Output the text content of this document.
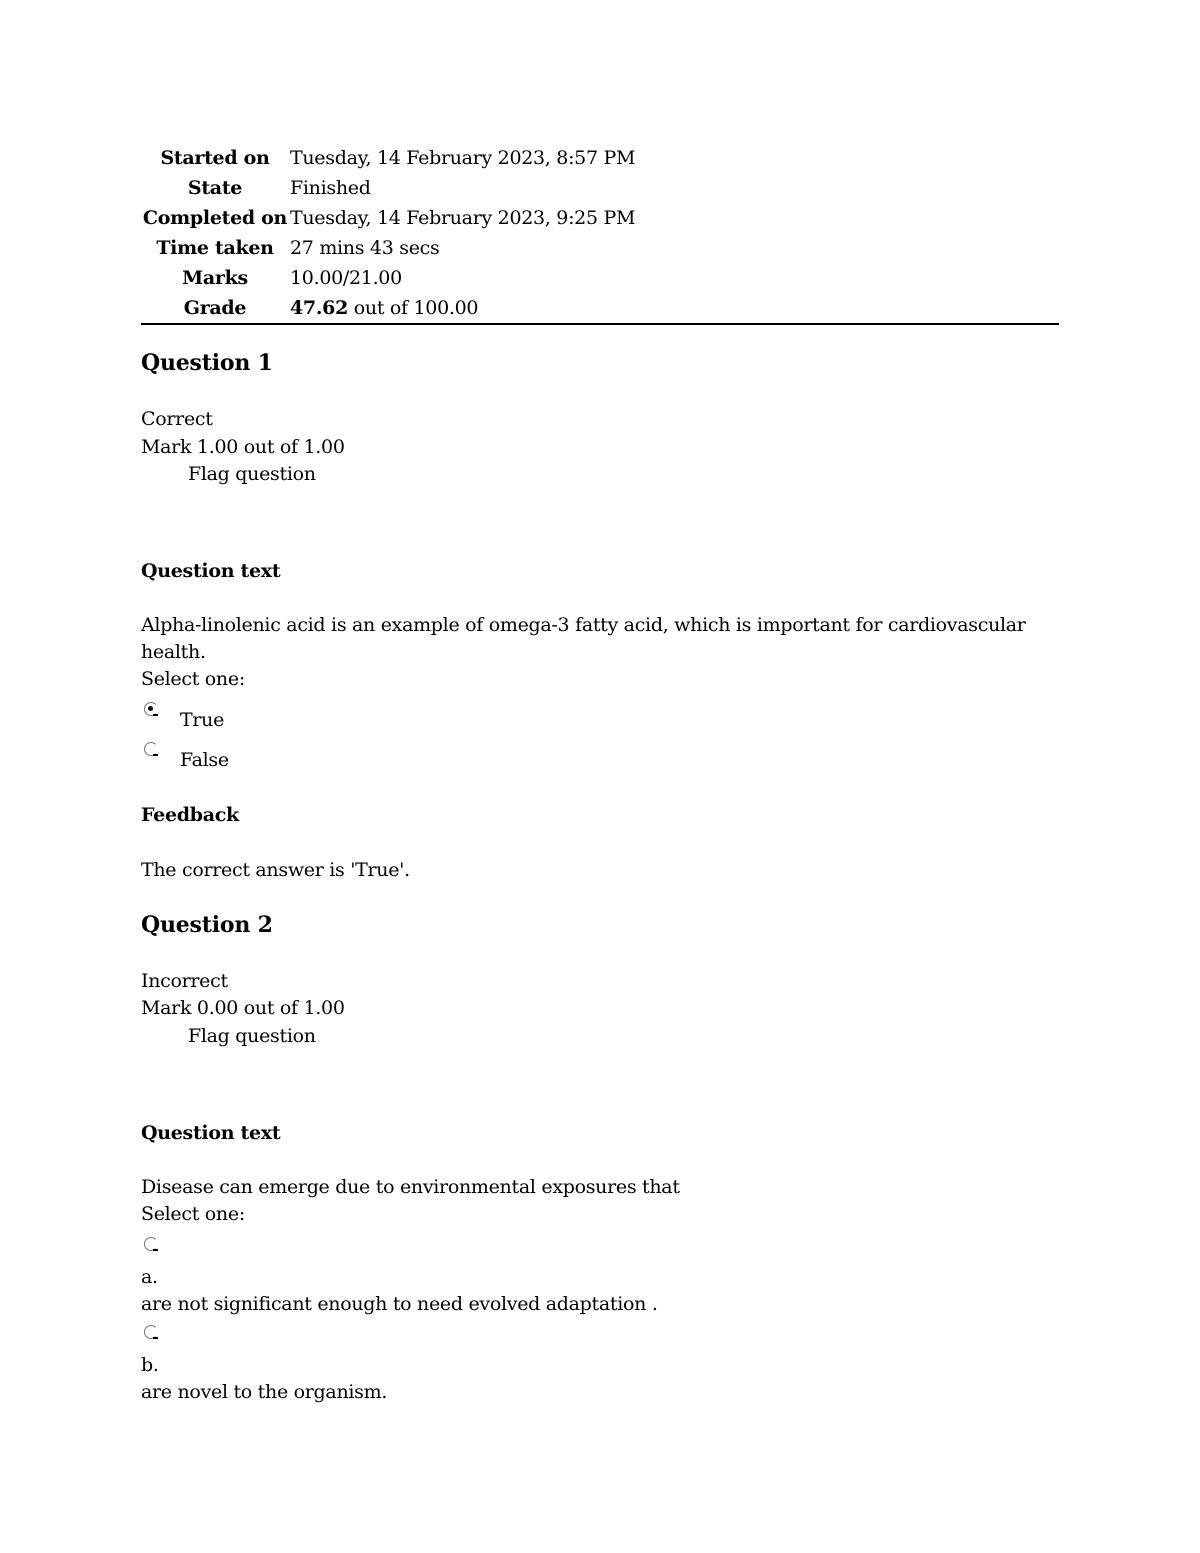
Started on	Tuesday, 14 February 2023, 8:57 PM
State	Finished
Completed on Tuesday, 14 February 2023, 9:25 PM
Time taken 27 mins 43 secs
Marks	10.00/21.00
Grade	47.62 out of 100.00
Question 1
Correct
Mark 1.00 out of 1.00
Flag question
Question text
Alpha-linolenic acid is an example of omega-3 fatty acid, which is important for cardiovascular
health.
Select one:
True
False
Feedback
The correct answer is 'True'.
Question 2
Incorrect
Mark 0.00 out of 1.00
Flag question
Question text
Disease can emerge due to environmental exposures that
Select one:
a.
are not significant enough to need evolved adaptation .
b.
are novel to the organism.
